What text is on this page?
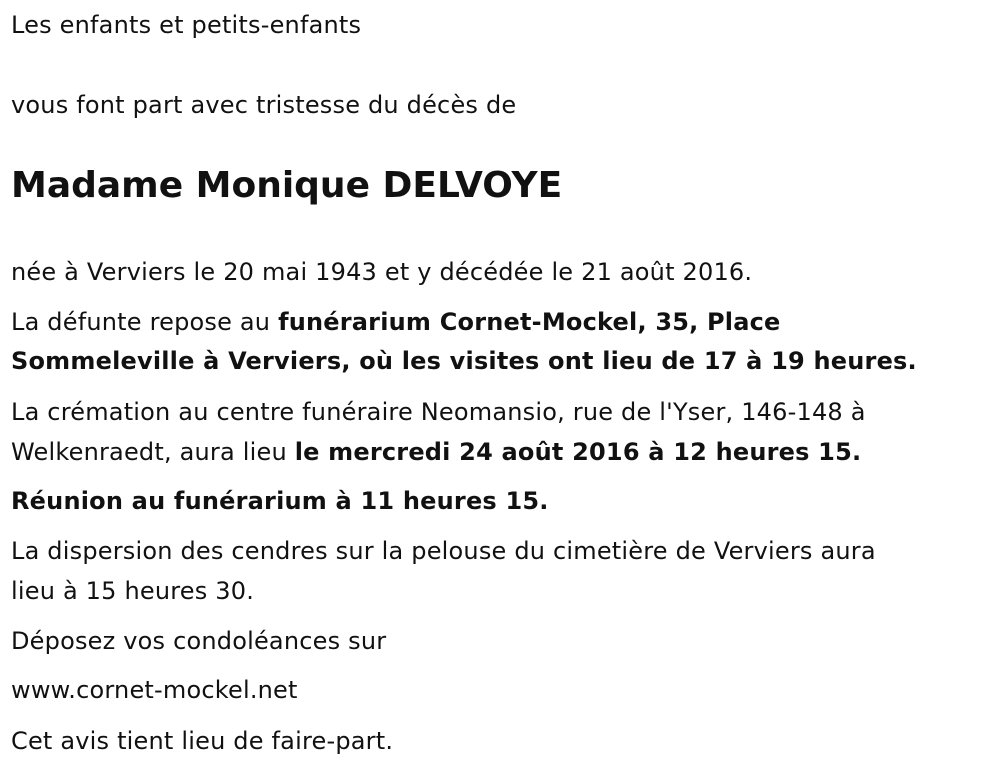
Les enfants et petits-enfants
vous font part avec tristesse du décès de
Madame Monique DELVOYE
née à Verviers le 20 mai 1943 et y décédée le 21 août 2016.
La défunte repose au funérarium Cornet-Mockel, 35, Place
Sommeleville à Verviers, où les visites ont lieu de 17 à 19 heures.
La crémation au centre funéraire Neomansio, rue de l'Yser, 146-148 à
Welkenraedt, aura lieu le mercredi 24 août 2016 à 12 heures 15.
Réunion au funérarium à 11 heures 15.
La dispersion des cendres sur la pelouse du cimetière de Verviers aura
lieu à 15 heures 30.
Déposez vos condoléances sur
www.cornet-mockel.net
Cet avis tient lieu de faire-part.
